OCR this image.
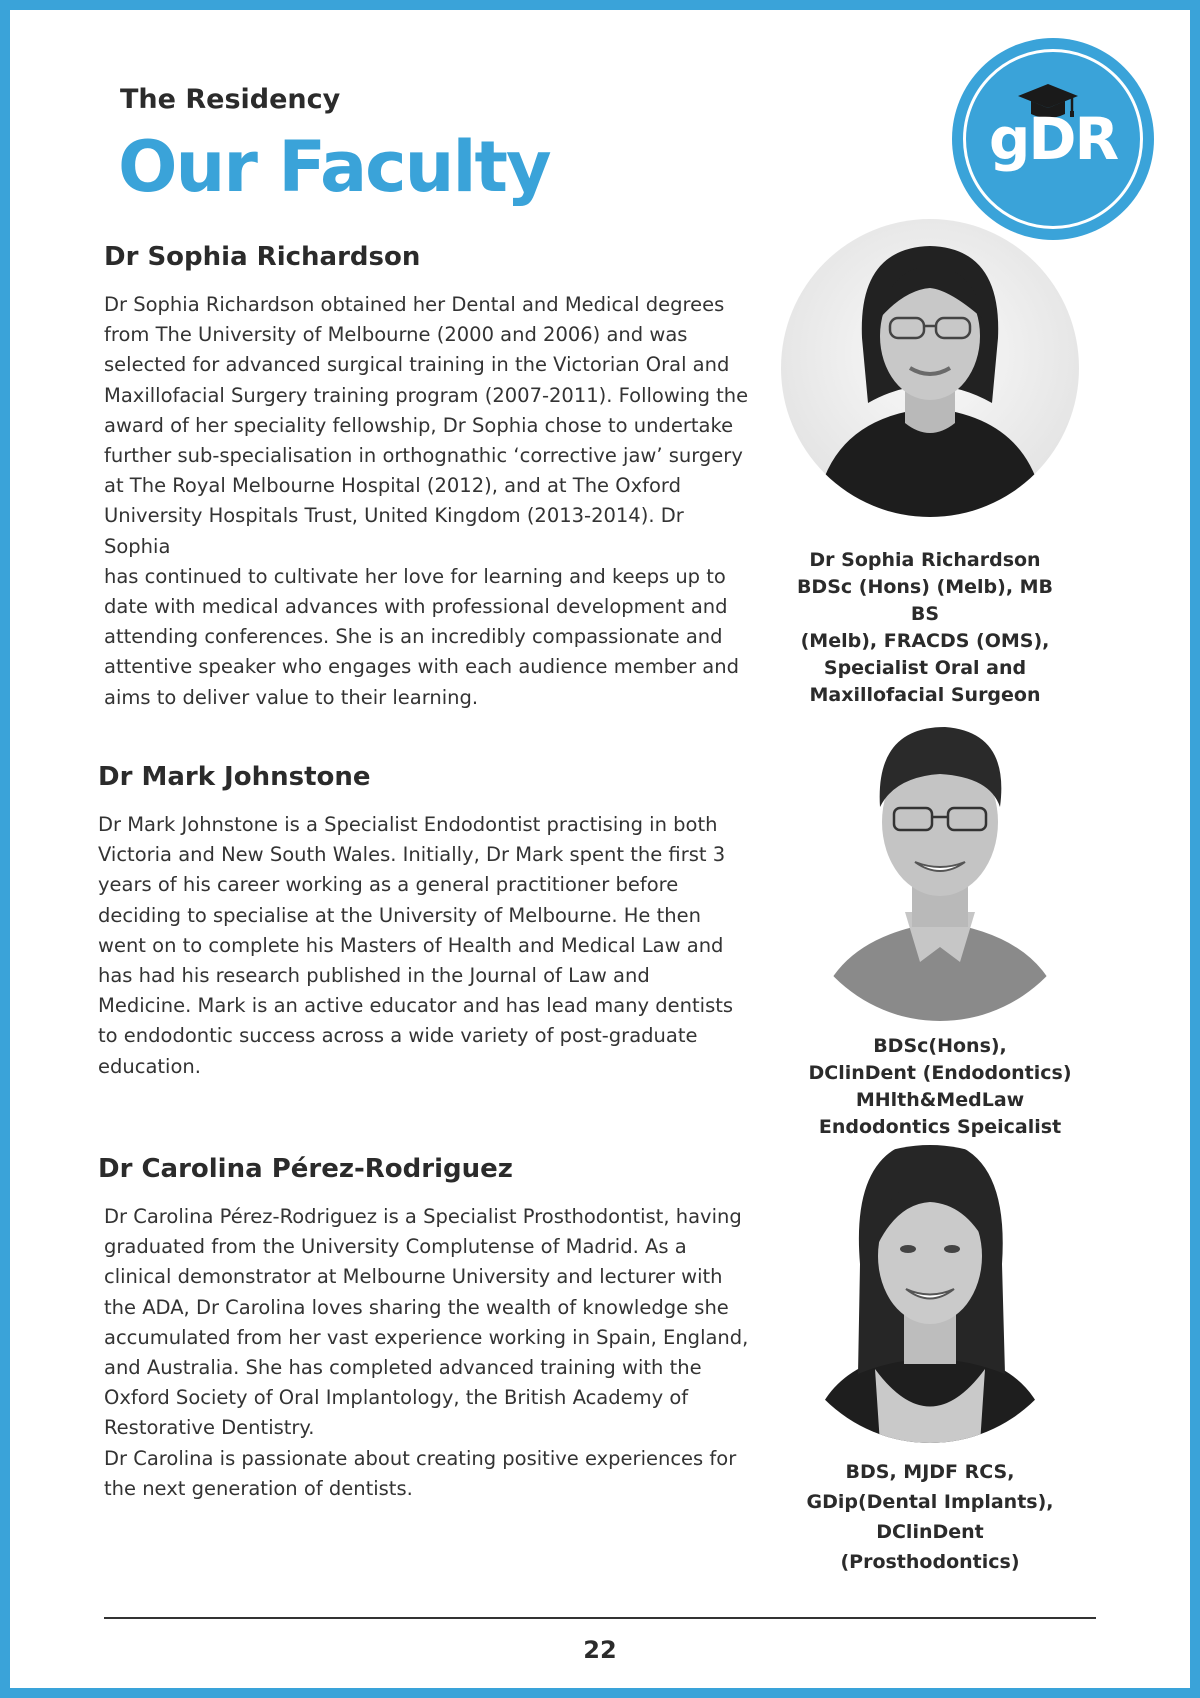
The Residency
Our Faculty	gDR
Dr Sophia Richardson
Dr Sophia Richardson obtained her Dental and Medical degrees
from The University of Melbourne (2000 and 2006) and was
selected for advanced surgical training in the Victorian Oral and
Maxillofacial Surgery training program (2007-2011). Following the
award of her speciality fellowship, Dr Sophia chose to undertake
further sub-specialisation in orthognathic ‘corrective jaw’ surgery
at The Royal Melbourne Hospital (2012), and at The Oxford
University Hospitals Trust, United Kingdom (2013-2014). Dr Sophia
has continued to cultivate her love for learning and keeps up to
date with medical advances with professional development and
attending conferences. She is an incredibly compassionate and
attentive speaker who engages with each audience member and
aims to deliver value to their learning.
Dr Sophia Richardson
BDSc (Hons) (Melb), MB BS
(Melb), FRACDS (OMS),
Specialist Oral and
Maxillofacial Surgeon
Dr Mark Johnstone
Dr Mark Johnstone is a Specialist Endodontist practising in both
Victoria and New South Wales. Initially, Dr Mark spent the first 3
years of his career working as a general practitioner before
deciding to specialise at the University of Melbourne. He then
went on to complete his Masters of Health and Medical Law and
has had his research published in the Journal of Law and
Medicine. Mark is an active educator and has lead many dentists
to endodontic success across a wide variety of post-graduate
education.
BDSc(Hons),
DClinDent (Endodontics)
MHlth&MedLaw
Endodontics Speicalist
Dr Carolina Pérez-Rodriguez
Dr Carolina Pérez-Rodriguez is a Specialist Prosthodontist, having
graduated from the University Complutense of Madrid. As a
clinical demonstrator at Melbourne University and lecturer with
the ADA, Dr Carolina loves sharing the wealth of knowledge she
accumulated from her vast experience working in Spain, England,
and Australia. She has completed advanced training with the
Oxford Society of Oral Implantology, the British Academy of
Restorative Dentistry.
Dr Carolina is passionate about creating positive experiences for
the next generation of dentists.
BDS, MJDF RCS,
GDip(Dental Implants),
DClinDent
(Prosthodontics)
22
